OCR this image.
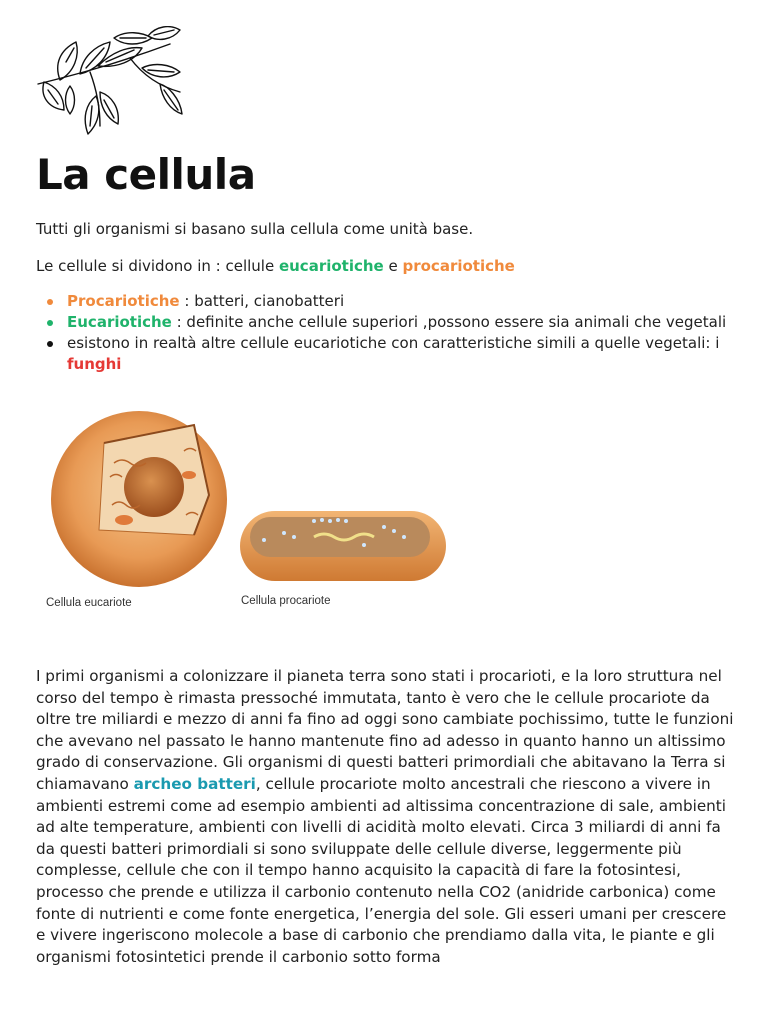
La cellula

Tutti gli organismi si basano sulla cellula come unità base.

Le cellule si dividono in : cellule eucariotiche e procariotiche

Procariotiche : batteri, cianobatteri
Eucariotiche : definite anche cellule superiori ,possono essere sia animali che vegetali
esistono in realtà altre cellule eucariotiche con caratteristiche simili a quelle vegetali: i funghi
Cellula eucariote	Cellula procariote

I primi organismi a colonizzare il pianeta terra sono stati i procarioti, e la loro struttura nel corso del tempo è rimasta pressoché immutata, tanto è vero che le cellule procariote da oltre tre miliardi e mezzo di anni fa fino ad oggi sono cambiate pochissimo, tutte le funzioni che avevano nel passato le hanno mantenute fino ad adesso in quanto hanno un altissimo grado di conservazione. Gli organismi di questi batteri primordiali che abitavano la Terra si chiamavano archeo batteri, cellule procariote molto ancestrali che riescono a vivere in ambienti estremi come ad esempio ambienti ad altissima concentrazione di sale, ambienti ad alte temperature, ambienti con livelli di acidità molto elevati. Circa 3 miliardi di anni fa da questi batteri primordiali si sono sviluppate delle cellule diverse, leggermente più complesse, cellule che con il tempo hanno acquisito la capacità di fare la fotosintesi, processo che prende e utilizza il carbonio contenuto nella CO2 (anidride carbonica) come fonte di nutrienti e come fonte energetica, l’energia del sole. Gli esseri umani per crescere e vivere ingeriscono molecole a base di carbonio che prendiamo dalla vita, le piante e gli organismi fotosintetici prende il carbonio sotto forma
